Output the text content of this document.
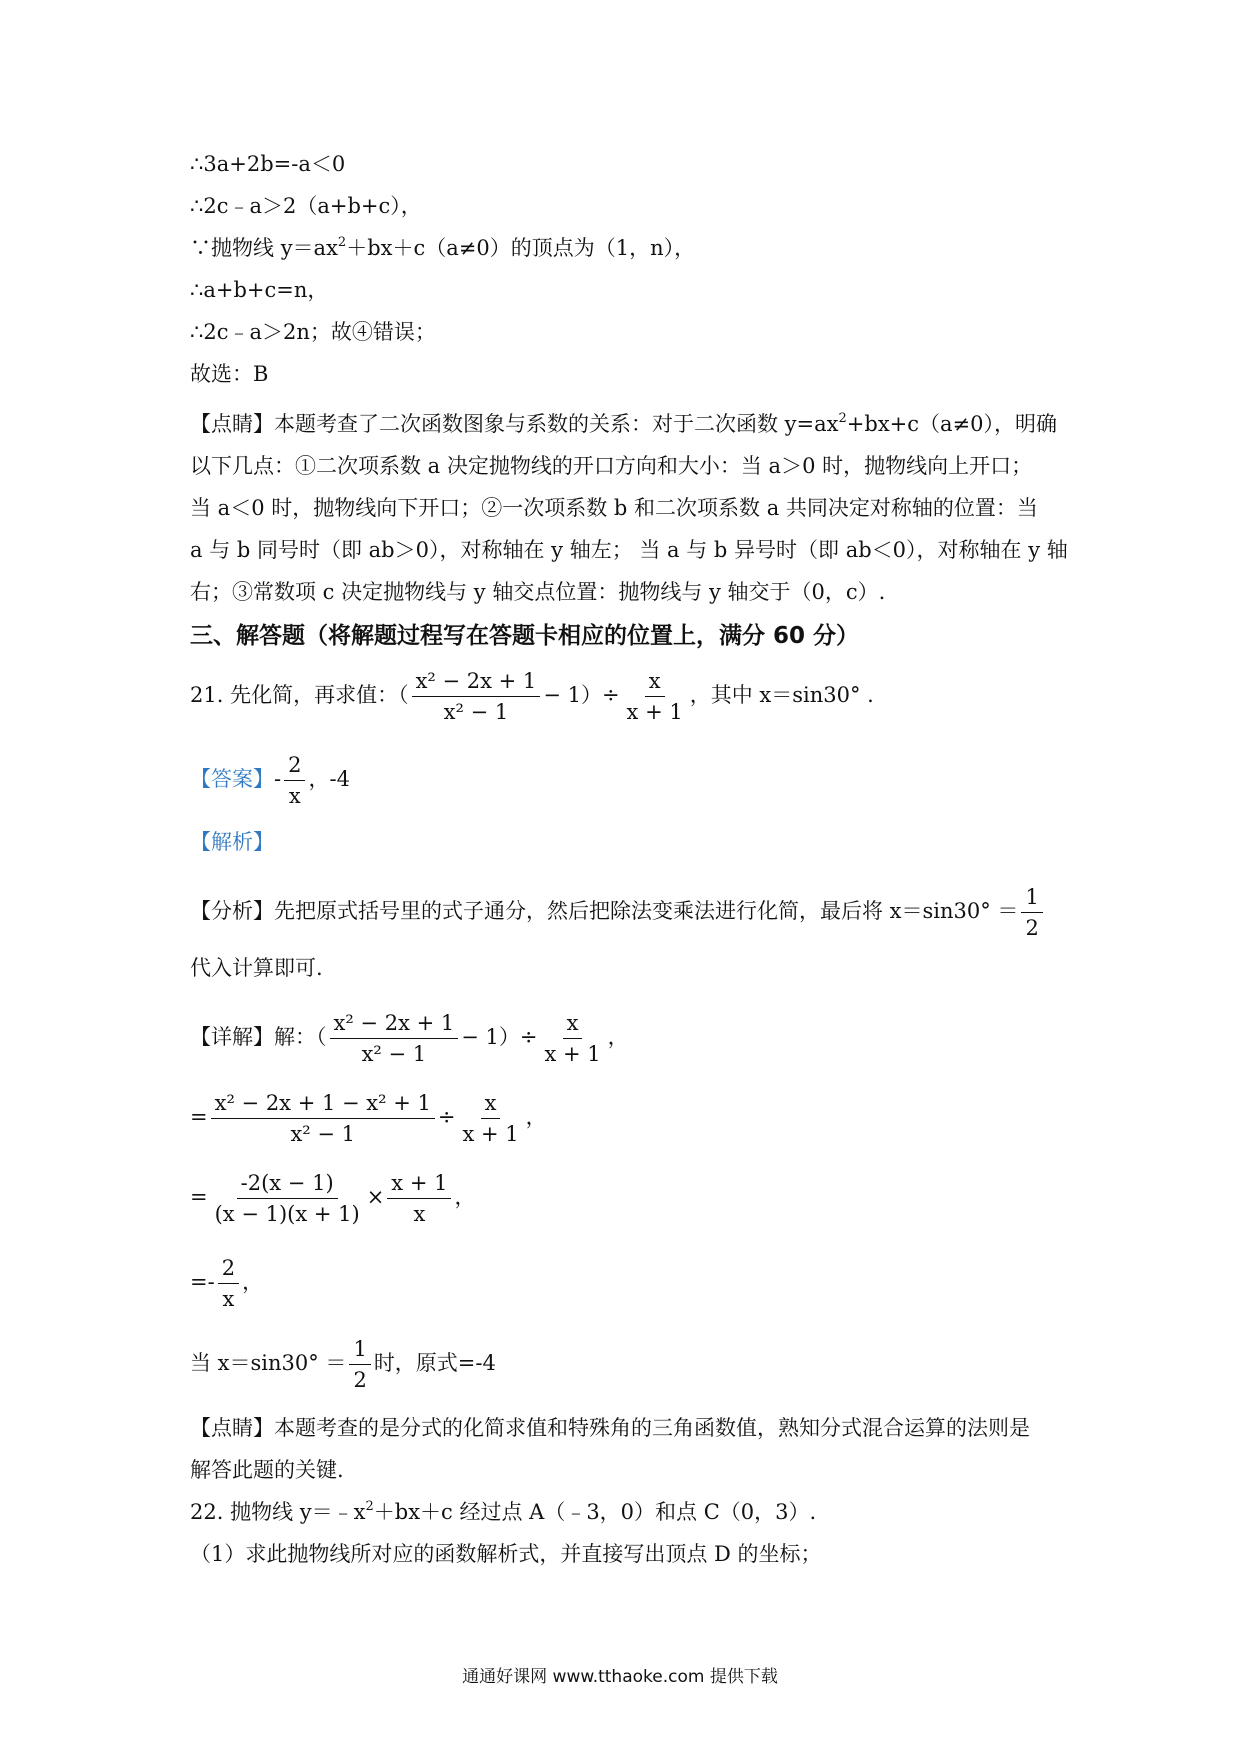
∴3a+2b=-a＜0
∴2c﹣a＞2（a+b+c），
∵抛物线 $y=ax^2+bx+c(a\ne 0)$的顶点为（1，n），
∴a+b+c=n，
∴2c﹣a＞2n；故④错误；
故选：B
【点睛】本题考查了二次函数图象与系数的关系：对于二次函数 $y=ax^2+bx+c(a\ne 0)$，明确
以下几点：①二次项系数 a 决定抛物线的开口方向和大小：当 a＞0 时，抛物线向上开口；
当 a＜0 时，抛物线向下开口；②一次项系数 b 和二次项系数 a 共同决定对称轴的位置：当
a 与 b 同号时（即 ab＞0），对称轴在 y 轴左； 当 a 与 b 异号时（即 ab＜0），对称轴在 y 轴
右；③常数项 c 决定抛物线与 y 轴交点位置：抛物线与 y 轴交于（0，c）.
三、解答题（将解题过程写在答题卡相应的位置上，满分 60 分）
21. 先化简，再求值：（ $\frac{\text{x² − 2x + 1}}{\text{x² − 1}} - 1)\div \frac{x}{x + 1}$ ，其中 x＝sin30° .
【答案】- $\frac{2}{x}$ ，-4
【解析】
【分析】先把原式括号里的式子通分，然后把除法变乘法进行化简，最后将 $x=\sin 30^\circ = \frac{1}{2}$
代入计算即可.
【详解】解：（ $\frac{\text{x² − 2x + 1}}{\text{x² − 1}} - 1)\div \frac{x}{x + 1}$ ，
= $\frac{\text{x² − 2x + 1 − x² + 1}}{\text{x² − 1}} \div \frac{x}{x + 1}$ ，
= $\frac{-2(x - 1)}{(x - 1)(x + 1)} \times \frac{x + 1}{x}$ ，
=- $\frac{2}{x}$ ，
当 $x=\sin 30^\circ = \frac{1}{2}$ 时，原式=-4
【点睛】本题考查的是分式的化简求值和特殊角的三角函数值，熟知分式混合运算的法则是
解答此题的关键.
22. 抛物线 $y=﹣x^2+bx+c$ 经过点 A（﹣3，0）和点 C（0，3）.
（1）求此抛物线所对应的函数解析式，并直接写出顶点 D 的坐标；
通通好课网 www.tthaoke.com 提供下载
